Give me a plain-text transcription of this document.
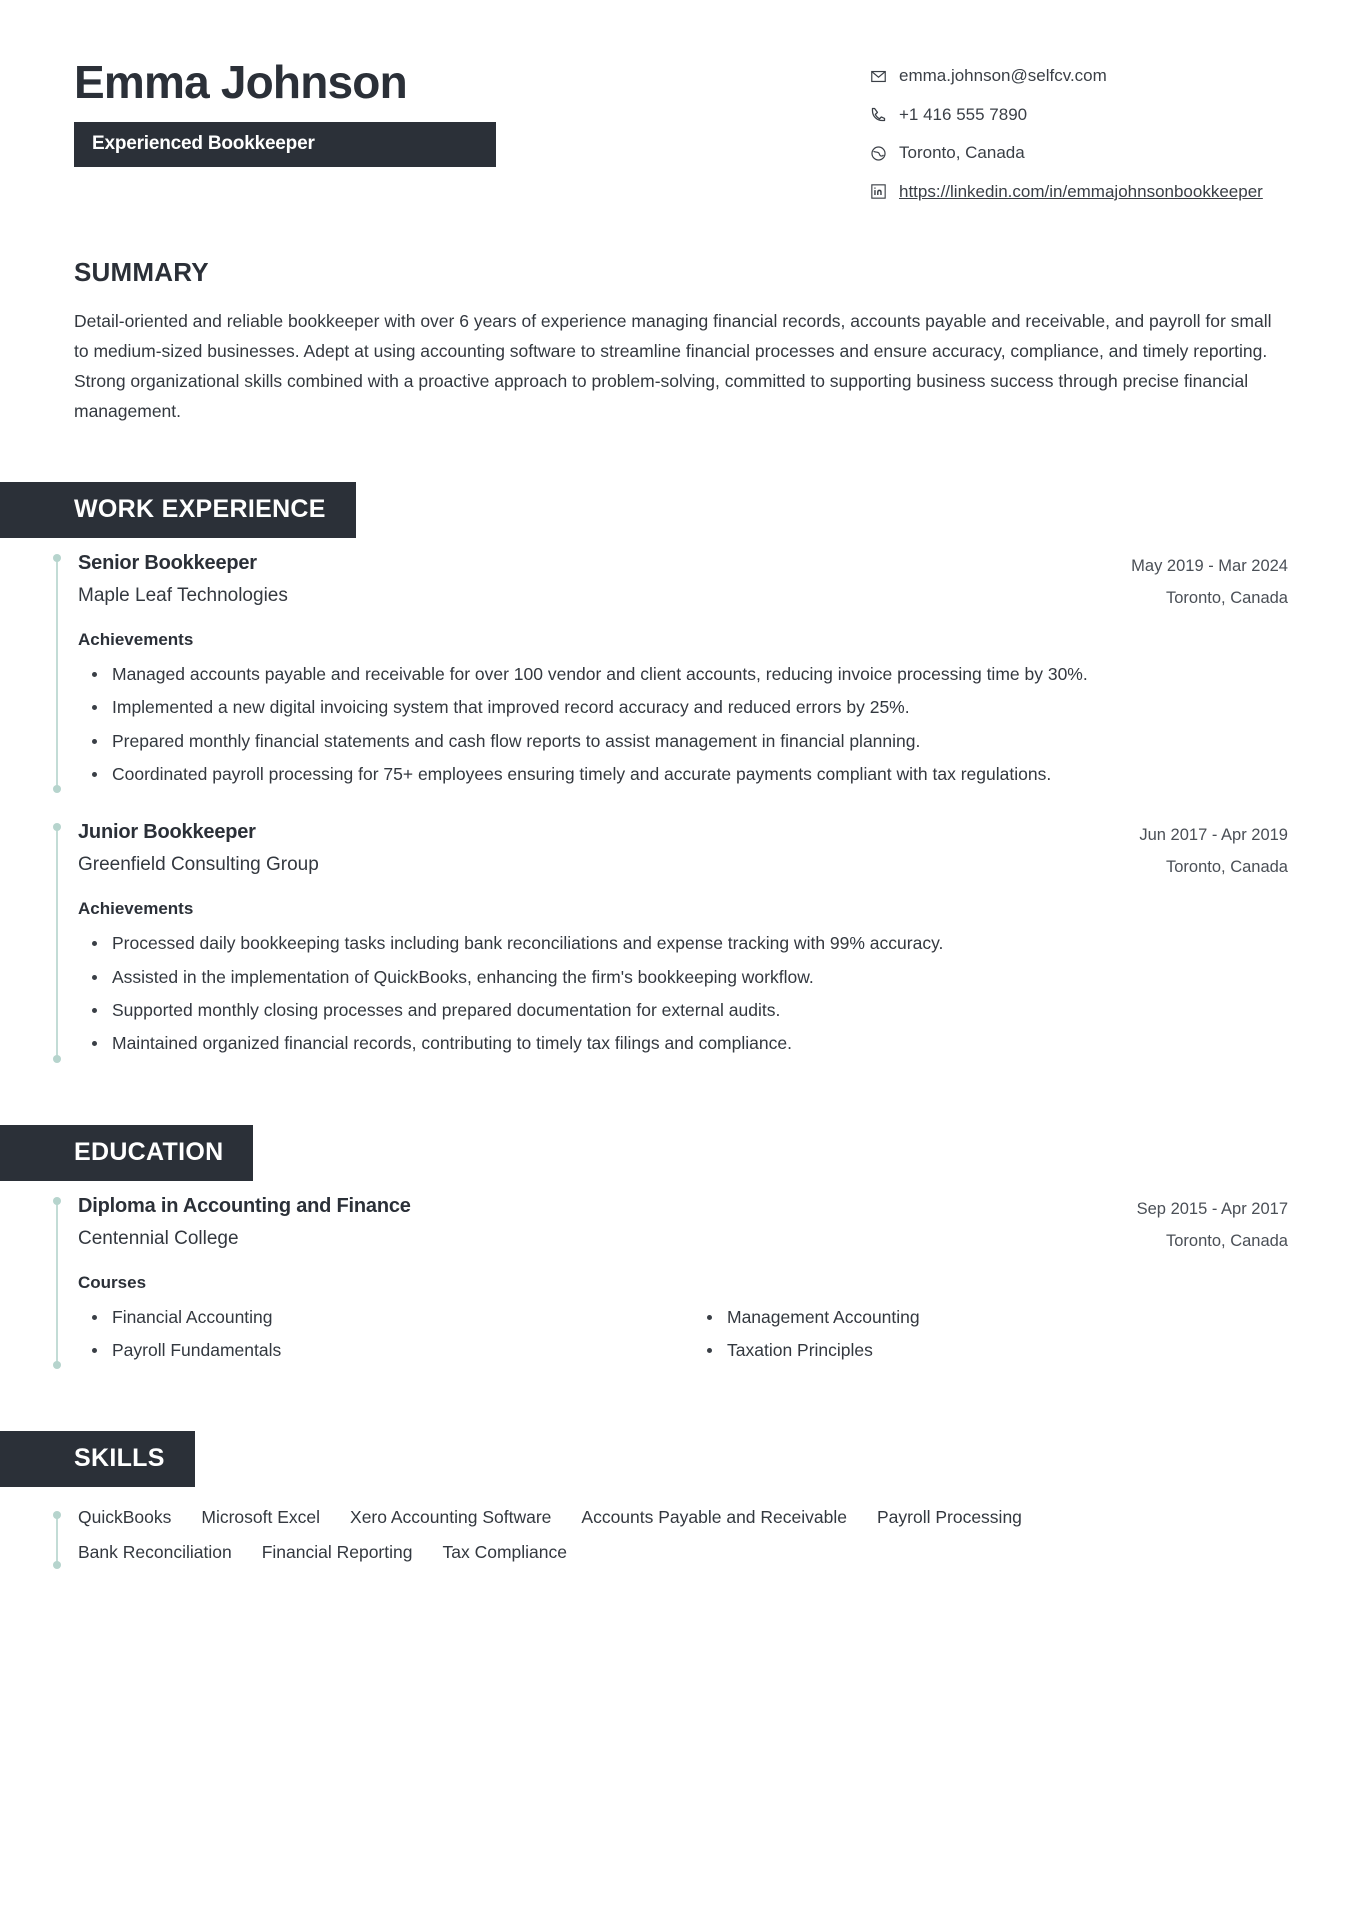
Emma Johnson
Experienced Bookkeeper
emma.johnson@selfcv.com
+1 416 555 7890
Toronto, Canada
https://linkedin.com/in/emmajohnsonbookkeeper
SUMMARY
Detail-oriented and reliable bookkeeper with over 6 years of experience managing financial records, accounts payable and receivable, and payroll for small to medium-sized businesses. Adept at using accounting software to streamline financial processes and ensure accuracy, compliance, and timely reporting. Strong organizational skills combined with a proactive approach to problem-solving, committed to supporting business success through precise financial management.
WORK EXPERIENCE
Senior Bookkeeper
Maple Leaf Technologies
May 2019 - Mar 2024
Toronto, Canada
Achievements
Managed accounts payable and receivable for over 100 vendor and client accounts, reducing invoice processing time by 30%.
Implemented a new digital invoicing system that improved record accuracy and reduced errors by 25%.
Prepared monthly financial statements and cash flow reports to assist management in financial planning.
Coordinated payroll processing for 75+ employees ensuring timely and accurate payments compliant with tax regulations.
Junior Bookkeeper
Greenfield Consulting Group
Jun 2017 - Apr 2019
Toronto, Canada
Achievements
Processed daily bookkeeping tasks including bank reconciliations and expense tracking with 99% accuracy.
Assisted in the implementation of QuickBooks, enhancing the firm's bookkeeping workflow.
Supported monthly closing processes and prepared documentation for external audits.
Maintained organized financial records, contributing to timely tax filings and compliance.
EDUCATION
Diploma in Accounting and Finance
Centennial College
Sep 2015 - Apr 2017
Toronto, Canada
Courses
Financial Accounting	Management Accounting
Payroll Fundamentals	Taxation Principles
SKILLS
QuickBooks Microsoft Excel Xero Accounting Software Accounts Payable and Receivable Payroll Processing
Bank Reconciliation Financial Reporting Tax Compliance
